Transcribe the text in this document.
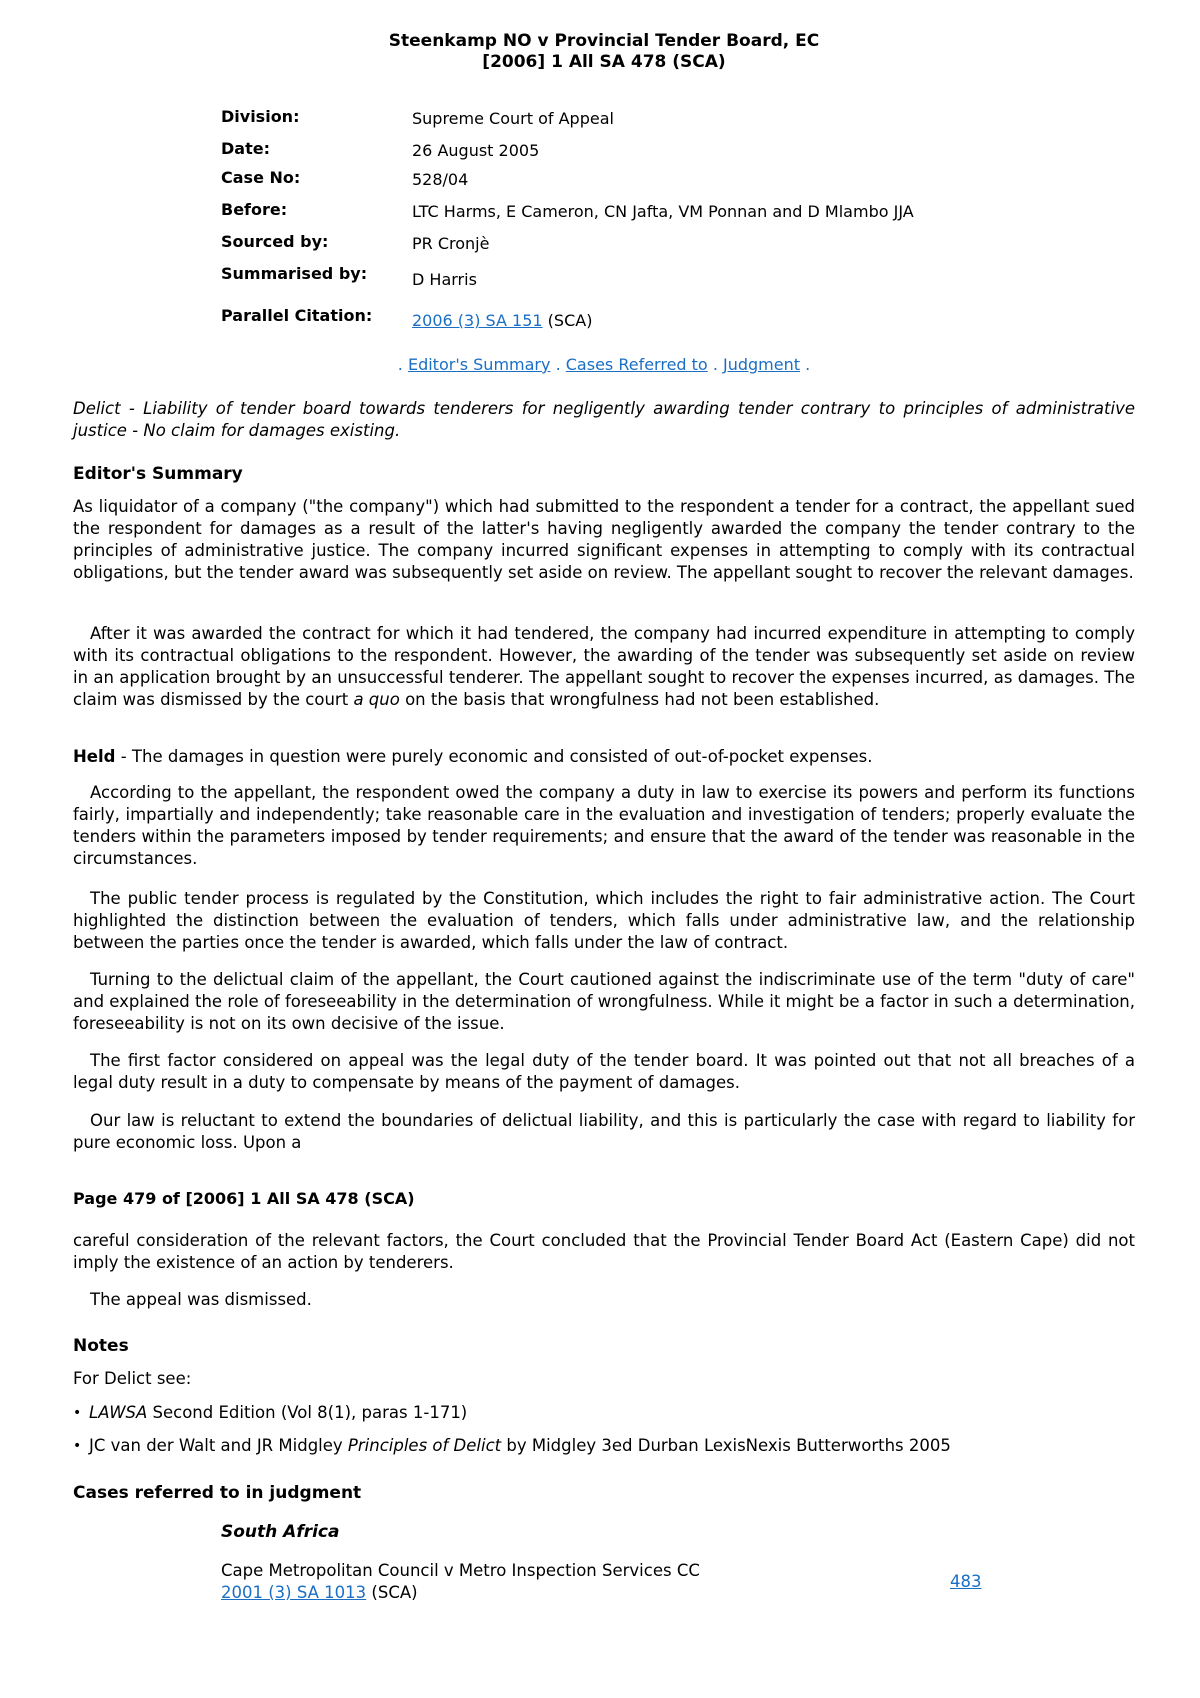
Steenkamp NO v Provincial Tender Board, EC
[2006] 1 All SA 478 (SCA)
Division:	Supreme Court of Appeal
Date:	26 August 2005
Case No:	528/04
Before:	LTC Harms, E Cameron, CN Jafta, VM Ponnan and D Mlambo JJA
Sourced by:	PR Cronjè
Summarised by:	D Harris
Parallel Citation: 2006 (3) SA 151 (SCA)
. Editor's Summary . Cases Referred to . Judgment .
Delict - Liability of tender board towards tenderers for negligently awarding tender contrary to principles of administrative justice - No claim for damages existing.
Editor's Summary
As liquidator of a company ("the company") which had submitted to the respondent a tender for a contract, the appellant sued the respondent for damages as a result of the latter's having negligently awarded the company the tender contrary to the principles of administrative justice. The company incurred significant expenses in attempting to comply with its contractual obligations, but the tender award was subsequently set aside on review. The appellant sought to recover the relevant damages.
After it was awarded the contract for which it had tendered, the company had incurred expenditure in attempting to comply with its contractual obligations to the respondent. However, the awarding of the tender was subsequently set aside on review in an application brought by an unsuccessful tenderer. The appellant sought to recover the expenses incurred, as damages. The claim was dismissed by the court a quo on the basis that wrongfulness had not been established.
Held - The damages in question were purely economic and consisted of out-of-pocket expenses.
According to the appellant, the respondent owed the company a duty in law to exercise its powers and perform its functions fairly, impartially and independently; take reasonable care in the evaluation and investigation of tenders; properly evaluate the tenders within the parameters imposed by tender requirements; and ensure that the award of the tender was reasonable in the circumstances.
The public tender process is regulated by the Constitution, which includes the right to fair administrative action. The Court highlighted the distinction between the evaluation of tenders, which falls under administrative law, and the relationship between the parties once the tender is awarded, which falls under the law of contract.
Turning to the delictual claim of the appellant, the Court cautioned against the indiscriminate use of the term "duty of care" and explained the role of foreseeability in the determination of wrongfulness. While it might be a factor in such a determination, foreseeability is not on its own decisive of the issue.
The first factor considered on appeal was the legal duty of the tender board. It was pointed out that not all breaches of a legal duty result in a duty to compensate by means of the payment of damages.
Our law is reluctant to extend the boundaries of delictual liability, and this is particularly the case with regard to liability for pure economic loss. Upon a
Page 479 of [2006] 1 All SA 478 (SCA)
careful consideration of the relevant factors, the Court concluded that the Provincial Tender Board Act (Eastern Cape) did not imply the existence of an action by tenderers.
The appeal was dismissed.
Notes
For Delict see:
• LAWSA Second Edition (Vol 8(1), paras 1-171)
• JC van der Walt and JR Midgley Principles of Delict by Midgley 3ed Durban LexisNexis Butterworths 2005
Cases referred to in judgment
South Africa
Cape Metropolitan Council v Metro Inspection Services CC
2001 (3) SA 1013 (SCA)
483
